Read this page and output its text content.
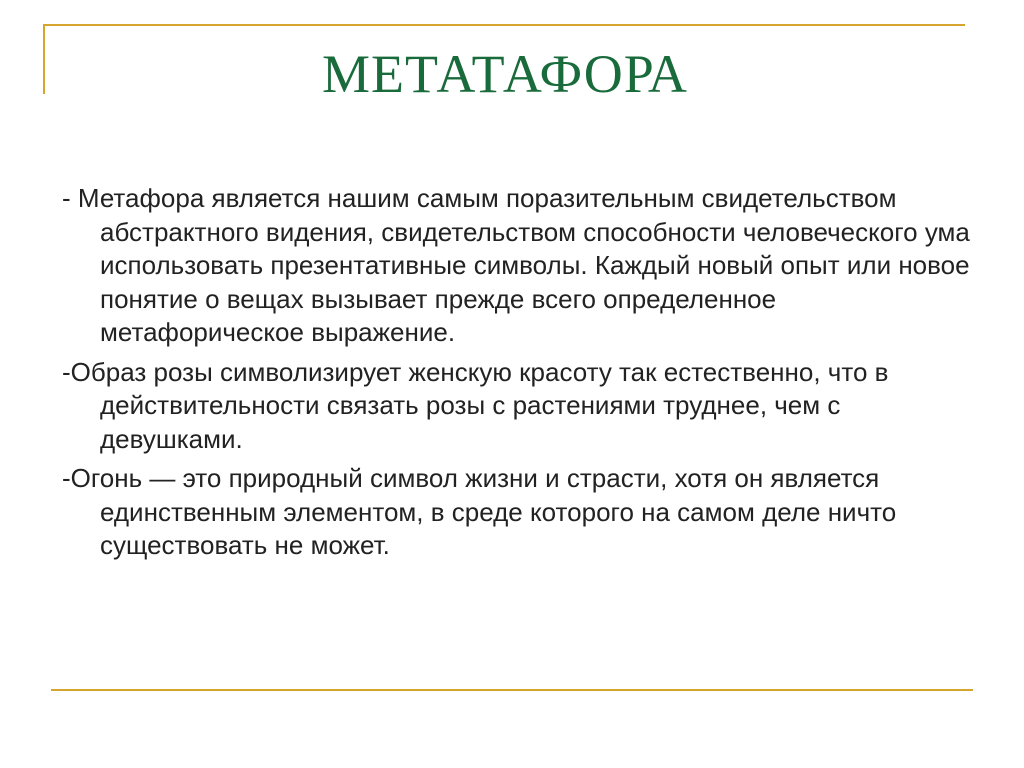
МЕТАТАФОРА

- Метафора является нашим самым поразительным свидетельством абстрактного видения, свидетельством способности человеческого ума использовать презентативные символы. Каждый новый опыт или новое понятие о вещах вызывает прежде всего определенное метафорическое выражение.

-Образ розы символизирует женскую красоту так естественно, что в действительности связать розы с растениями труднее, чем с девушками.

-Огонь — это природный символ жизни и страсти, хотя он является единственным элементом, в среде которого на самом деле ничто существовать не может.
